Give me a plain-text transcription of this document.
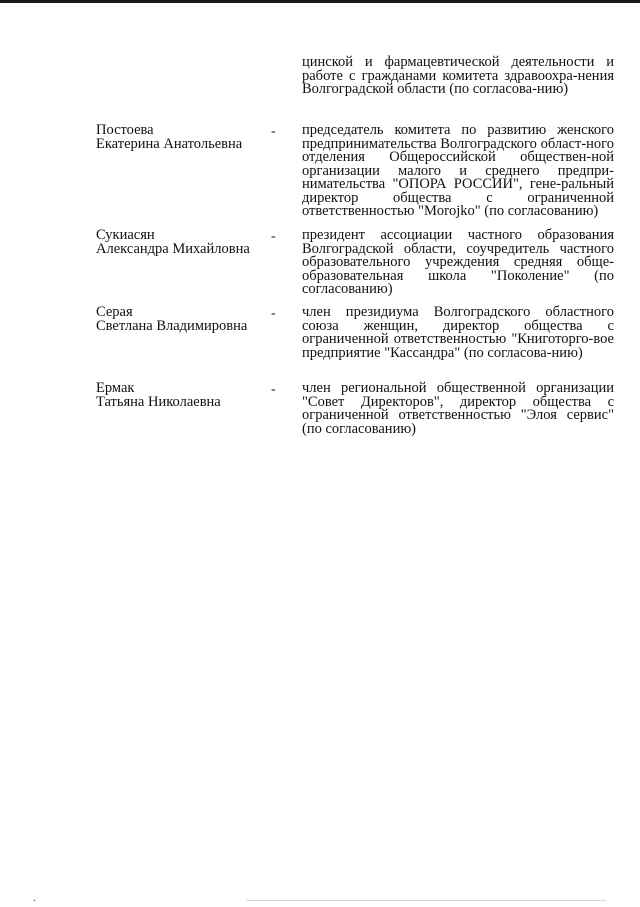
цинской и фармацевтической деятельности и работе с гражданами комитета здравоохра-нения Волгоградской области (по согласова-нию)
Постоева
Екатерина Анатольевна
- председатель комитета по развитию женского предпринимательства Волгоградского област-ного отделения Общероссийской обществен-ной организации малого и среднего предпри-нимательства "ОПОРА РОССИИ", гене-ральный директор общества с ограниченной ответственностью "Morojko" (по согласованию)
Сукиасян
Александра Михайловна
- президент ассоциации частного образования Волгоградской области, соучредитель частного образовательного учреждения средняя обще-образовательная школа "Поколение" (по согласованию)
Серая
Светлана Владимировна
- член президиума Волгоградского областного союза женщин, директор общества с ограниченной ответственностью "Книготорго-вое предприятие "Кассандра" (по согласова-нию)
Ермак
Татьяна Николаевна
- член региональной общественной организации "Совет Директоров", директор общества с ограниченной ответственностью "Элоя сервис" (по согласованию)
·
